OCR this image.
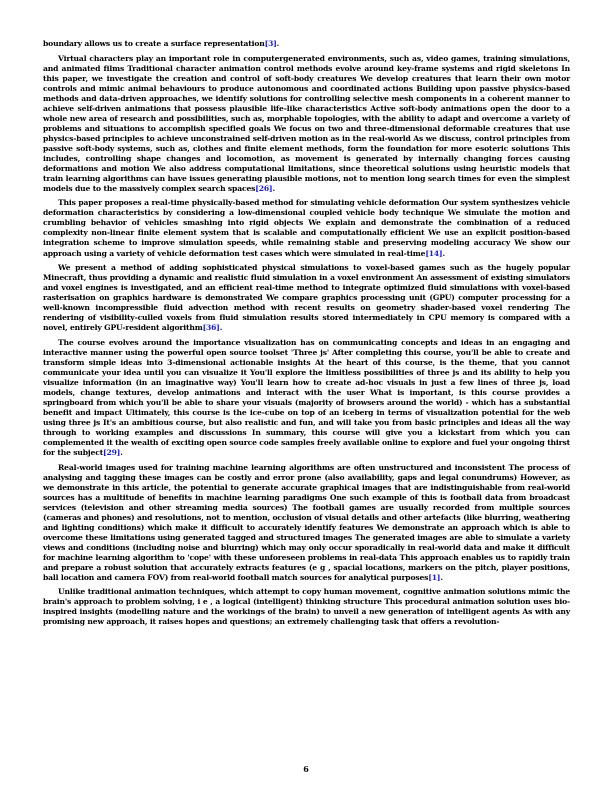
boundary allows us to create a surface representation[3].

Virtual characters play an important role in computergenerated environments, such as, video games, training simulations, and animated films Traditional character animation control methods evolve around key-frame systems and rigid skeletons In this paper, we investigate the creation and control of soft-body creatures We develop creatures that learn their own motor controls and mimic animal behaviours to produce autonomous and coordinated actions Building upon passive physics-based methods and data-driven approaches, we identify solutions for controlling selective mesh components in a coherent manner to achieve self-driven animations that possess plausible life-like characteristics Active soft-body animations open the door to a whole new area of research and possibilities, such as, morphable topologies, with the ability to adapt and overcome a variety of problems and situations to accomplish specified goals We focus on two and three-dimensional deformable creatures that use physics-based principles to achieve unconstrained self-driven motion as in the real-world As we discuss, control principles from passive soft-body systems, such as, clothes and finite element methods, form the foundation for more esoteric solutions This includes, controlling shape changes and locomotion, as movement is generated by internally changing forces causing deformations and motion We also address computational limitations, since theoretical solutions using heuristic models that train learning algorithms can have issues generating plausible motions, not to mention long search times for even the simplest models due to the massively complex search spaces[26].

This paper proposes a real-time physically-based method for simulating vehicle deformation Our system synthesizes vehicle deformation characteristics by considering a low-dimensional coupled vehicle body technique We simulate the motion and crumbling behavior of vehicles smashing into rigid objects We explain and demonstrate the combination of a reduced complexity non-linear finite element system that is scalable and computationally efficient We use an explicit position-based integration scheme to improve simulation speeds, while remaining stable and preserving modeling accuracy We show our approach using a variety of vehicle deformation test cases which were simulated in real-time[14].

We present a method of adding sophisticated physical simulations to voxel-based games such as the hugely popular Minecraft, thus providing a dynamic and realistic fluid simulation in a voxel environment An assessment of existing simulators and voxel engines is investigated, and an efficient real-time method to integrate optimized fluid simulations with voxel-based rasterisation on graphics hardware is demonstrated We compare graphics processing unit (GPU) computer processing for a well-known incompressible fluid advection method with recent results on geometry shader-based voxel rendering The rendering of visibility-culled voxels from fluid simulation results stored intermediately in CPU memory is compared with a novel, entirely GPU-resident algorithm[36].

The course evolves around the importance visualization has on communicating concepts and ideas in an engaging and interactive manner using the powerful open source toolset 'Three js' After completing this course, you'll be able to create and transform simple ideas into 3-dimensional actionable insights At the heart of this course, is the theme, that you cannot communicate your idea until you can visualize it You'll explore the limitless possibilities of three js and its ability to help you visualize information (in an imaginative way) You'll learn how to create ad-hoc visuals in just a few lines of three js, load models, change textures, develop animations and interact with the user What is important, is this course provides a springboard from which you'll be able to share your visuals (majority of browsers around the world) - which has a substantial benefit and impact Ultimately, this course is the ice-cube on top of an iceberg in terms of visualization potential for the web using three js It's an ambitious course, but also realistic and fun, and will take you from basic principles and ideas all the way through to working examples and discussions In summary, this course will give you a kickstart from which you can complemented it the wealth of exciting open source code samples freely available online to explore and fuel your ongoing thirst for the subject[29].

Real-world images used for training machine learning algorithms are often unstructured and inconsistent The process of analysing and tagging these images can be costly and error prone (also availability, gaps and legal conundrums) However, as we demonstrate in this article, the potential to generate accurate graphical images that are indistinguishable from real-world sources has a multitude of benefits in machine learning paradigms One such example of this is football data from broadcast services (television and other streaming media sources) The football games are usually recorded from multiple sources (cameras and phones) and resolutions, not to mention, occlusion of visual details and other artefacts (like blurring, weathering and lighting conditions) which make it difficult to accurately identify features We demonstrate an approach which is able to overcome these limitations using generated tagged and structured images The generated images are able to simulate a variety views and conditions (including noise and blurring) which may only occur sporadically in real-world data and make it difficult for machine learning algorithm to 'cope' with these unforeseen problems in real-data This approach enables us to rapidly train and prepare a robust solution that accurately extracts features (e g , spacial locations, markers on the pitch, player positions, ball location and camera FOV) from real-world football match sources for analytical purposes[1].

Unlike traditional animation techniques, which attempt to copy human movement, cognitive animation solutions mimic the brain's approach to problem solving, i e , a logical (intelligent) thinking structure This procedural animation solution uses bio-inspired insights (modelling nature and the workings of the brain) to unveil a new generation of intelligent agents As with any promising new approach, it raises hopes and questions; an extremely challenging task that offers a revolution-

6
